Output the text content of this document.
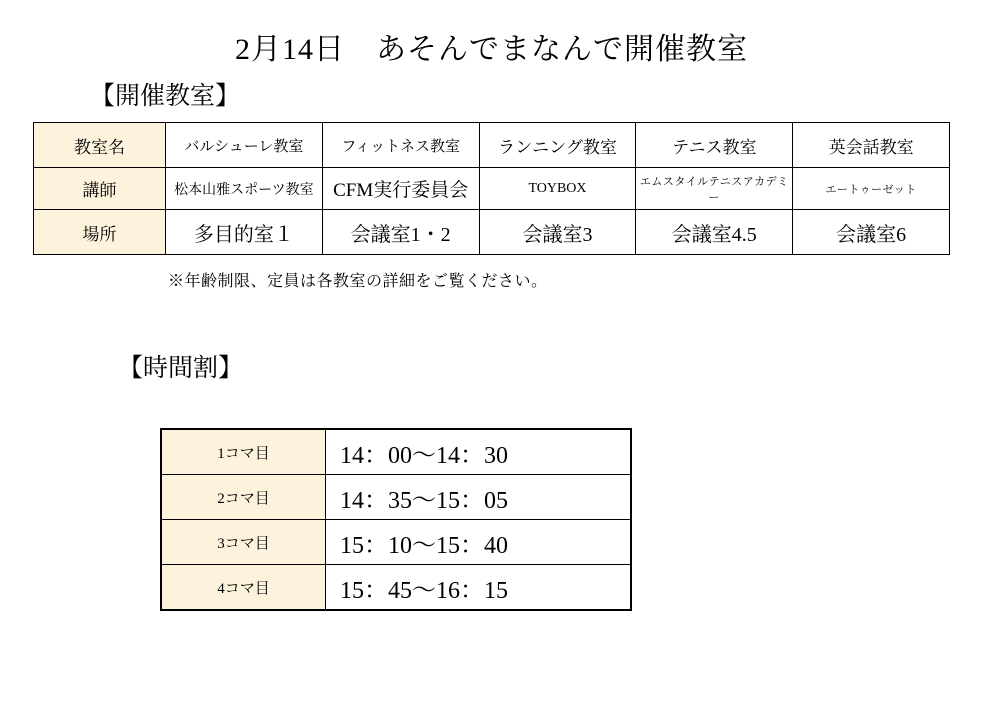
2月14日　あそんでまなんで開催教室
【開催教室】
教室名	バルシューレ教室	フィットネス教室	ランニング教室	テニス教室	英会話教室
講師	松本山雅スポーツ教室	CFM実行委員会	TOYBOX	エムスタイルテニスアカデミー	エートゥーゼット
場所	多目的室１	会議室1・2	会議室3	会議室4.5	会議室6
※年齢制限、定員は各教室の詳細をご覧ください。
【時間割】
1コマ目	14：00〜14：30
2コマ目	14：35〜15：05
3コマ目	15：10〜15：40
4コマ目	15：45〜16：15
